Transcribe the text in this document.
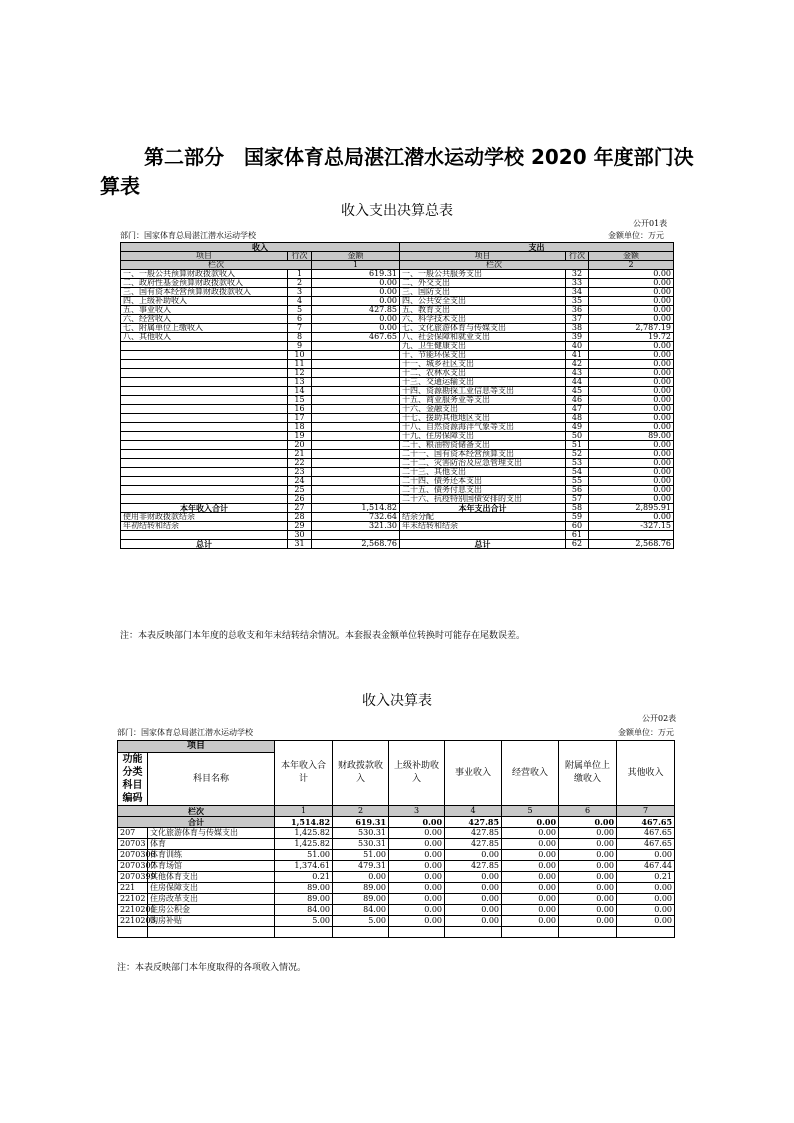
第二部分　国家体育总局湛江潜水运动学校 2020 年度部门决算表
收入支出决算总表
公开01表
部门：国家体育总局湛江潜水运动学校	金额单位：万元
收入			支出		
项目	行次	金额	项目	行次	金额
栏次		1	栏次		2
一、一般公共预算财政拨款收入	1	619.31	一、一般公共服务支出	32	0.00
二、政府性基金预算财政拨款收入	2	0.00	二、外交支出	33	0.00
三、国有资本经营预算财政拨款收入	3	0.00	三、国防支出	34	0.00
四、上级补助收入	4	0.00	四、公共安全支出	35	0.00
五、事业收入	5	427.85	五、教育支出	36	0.00
六、经营收入	6	0.00	六、科学技术支出	37	0.00
七、附属单位上缴收入	7	0.00	七、文化旅游体育与传媒支出	38	2,787.19
八、其他收入	8	467.65	八、社会保障和就业支出	39	19.72
	9		九、卫生健康支出	40	0.00
	10		十、节能环保支出	41	0.00
	11		十一、城乡社区支出	42	0.00
	12		十二、农林水支出	43	0.00
	13		十三、交通运输支出	44	0.00
	14		十四、资源勘探工业信息等支出	45	0.00
	15		十五、商业服务业等支出	46	0.00
	16		十六、金融支出	47	0.00
	17		十七、援助其他地区支出	48	0.00
	18		十八、自然资源海洋气象等支出	49	0.00
	19		十九、住房保障支出	50	89.00
	20		二十、粮油物资储备支出	51	0.00
	21		二十一、国有资本经营预算支出	52	0.00
	22		二十二、灾害防治及应急管理支出	53	0.00
	23		二十三、其他支出	54	0.00
	24		二十四、债务还本支出	55	0.00
	25		二十五、债务付息支出	56	0.00
	26		二十六、抗疫特别国债安排的支出	57	0.00
本年收入合计	27	1,514.82	本年支出合计	58	2,895.91
使用非财政拨款结余	28	732.64	结余分配	59	0.00
年初结转和结余	29	321.30	年末结转和结余	60	-327.15
	30			61	
总计	31	2,568.76	总计	62	2,568.76
注：本表反映部门本年度的总收支和年末结转结余情况。本套报表金额单位转换时可能存在尾数误差。
收入决算表
公开02表
部门：国家体育总局湛江潜水运动学校	金额单位：万元
项目		本年收入合计	财政拨款收入	上级补助收入	事业收入	经营收入	附属单位上缴收入	其他收入	
功能分类科目编码	科目名称								

栏次		1	2	3	4	5	6	7	
合计		1,514.82	619.31	0.00	427.85	0.00	0.00	467.65	
207	文化旅游体育与传媒支出	1,425.82	530.31	0.00	427.85	0.00	0.00	467.65	
20703	体育	1,425.82	530.31	0.00	427.85	0.00	0.00	467.65	
2070306	体育训练	51.00	51.00	0.00	0.00	0.00	0.00	0.00	
2070307	体育场馆	1,374.61	479.31	0.00	427.85	0.00	0.00	467.44	
2070399	其他体育支出	0.21	0.00	0.00	0.00	0.00	0.00	0.21	
221	住房保障支出	89.00	89.00	0.00	0.00	0.00	0.00	0.00	
22102	住房改革支出	89.00	89.00	0.00	0.00	0.00	0.00	0.00	
2210201	住房公积金	84.00	84.00	0.00	0.00	0.00	0.00	0.00	
2210203	购房补贴	5.00	5.00	0.00	0.00	0.00	0.00	0.00	

注：本表反映部门本年度取得的各项收入情况。
